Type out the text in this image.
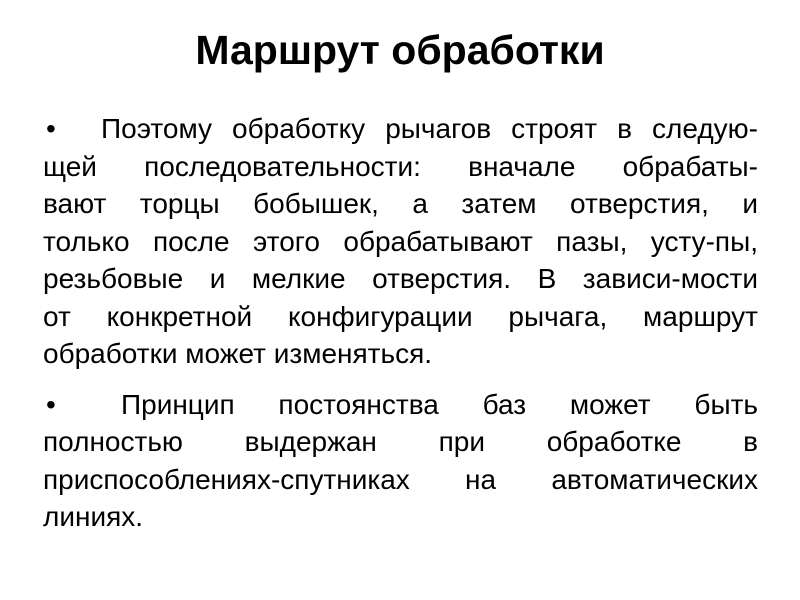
Маршрут обработки
•	Поэтому обработку рычагов строят в следую-
щей последовательности: вначале обрабаты-
вают торцы бобышек, а затем отверстия, и
только после этого обрабатывают пазы, усту-пы,
резьбовые и мелкие отверстия. В зависи-мости
от конкретной конфигурации рычага, маршрут
обработки может изменяться.
•	Принцип постоянства баз может быть
полностью выдержан при обработке в
приспособлениях-спутниках на автоматических
линиях.
